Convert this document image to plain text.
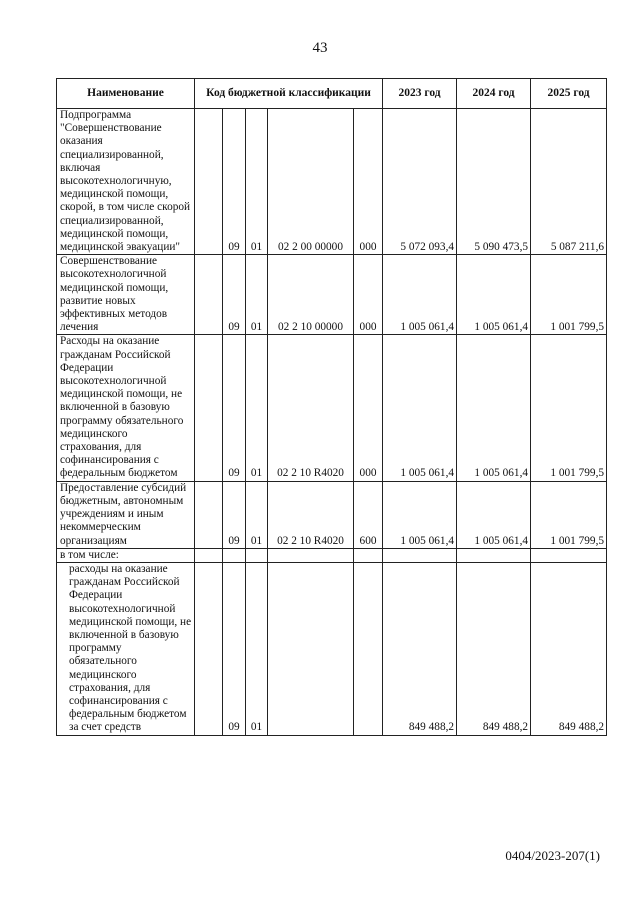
43
Наименование	Код бюджетной классификации					2023 год	2024 год	2025 год
Подпрограмма "Совершенствование оказания специализированной, включая высокотехнологичную, медицинской помощи, скорой, в том числе скорой специализированной, медицинской помощи, медицинской эвакуации"		09	01	02 2 00 00000	000	5 072 093,4	5 090 473,5	5 087 211,6
Совершенствование высокотехнологичной медицинской помощи, развитие новых эффективных методов лечения		09	01	02 2 10 00000	000	1 005 061,4	1 005 061,4	1 001 799,5
Расходы на оказание гражданам Российской Федерации высокотехнологичной медицинской помощи, не включенной в базовую программу обязательного медицинского страхования, для софинансирования с федеральным бюджетом		09	01	02 2 10 R4020	000	1 005 061,4	1 005 061,4	1 001 799,5
Предоставление субсидий бюджетным, автономным учреждениям и иным некоммерческим организациям		09	01	02 2 10 R4020	600	1 005 061,4	1 005 061,4	1 001 799,5
в том числе:								
расходы на оказание гражданам Российской Федерации высокотехнологичной медицинской помощи, не включенной в базовую программу обязательного медицинского страхования, для софинансирования с федеральным бюджетом за счет средств		09	01			849 488,2	849 488,2	849 488,2
0404/2023-207(1)
